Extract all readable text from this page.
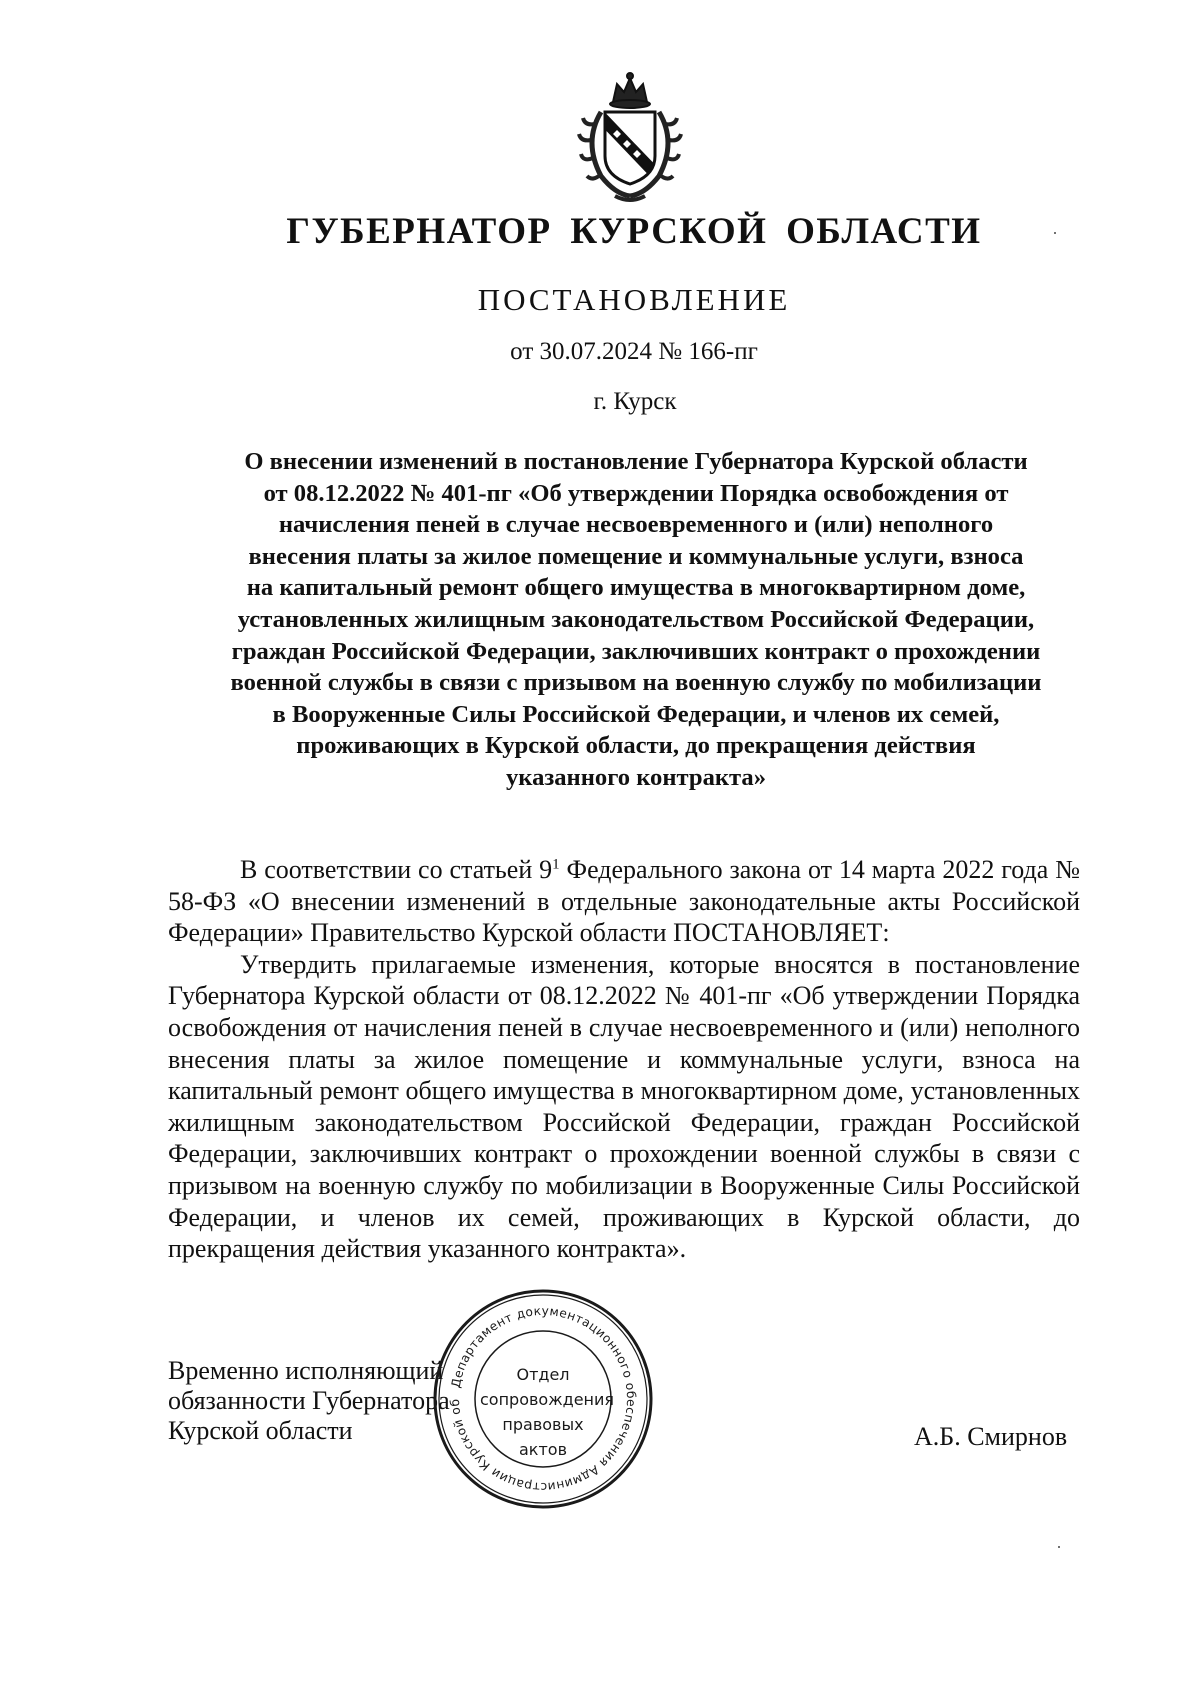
ГУБЕРНАТОР КУРСКОЙ ОБЛАСТИ
ПОСТАНОВЛЕНИЕ
от 30.07.2024 № 166-пг
г. Курск
О внесении изменений в постановление Губернатора Курской области
от 08.12.2022 № 401-пг «Об утверждении Порядка освобождения от
начисления пеней в случае несвоевременного и (или) неполного
внесения платы за жилое помещение и коммунальные услуги, взноса
на капитальный ремонт общего имущества в многоквартирном доме,
установленных жилищным законодательством Российской Федерации,
граждан Российской Федерации, заключивших контракт о прохождении
военной службы в связи с призывом на военную службу по мобилизации
в Вооруженные Силы Российской Федерации, и членов их семей,
проживающих в Курской области, до прекращения действия
указанного контракта»

В соответствии со статьей $9^1$ Федерального закона от 14 марта 2022 года № 58-ФЗ «О внесении изменений в отдельные законодательные акты Российской Федерации» Правительство Курской области ПОСТАНОВЛЯЕТ:

Утвердить прилагаемые изменения, которые вносятся в постановление Губернатора Курской области от 08.12.2022 № 401-пг «Об утверждении Порядка освобождения от начисления пеней в случае несвоевременного и (или) неполного внесения платы за жилое помещение и коммунальные услуги, взноса на капитальный ремонт общего имущества в многоквартирном доме, установленных жилищным законодательством Российской Федерации, граждан Российской Федерации, заключивших контракт о прохождении военной службы в связи с призывом на военную службу по мобилизации в Вооруженные Силы Российской Федерации, и членов их семей, проживающих в Курской области, до прекращения действия указанного контракта».

Временно исполняющий
обязанности Губернатора
Курской области	А.Б. Смирнов
Департамент документационного обеспечения Администрации Курской об
Отдел
сопровождения
правовых
актов
